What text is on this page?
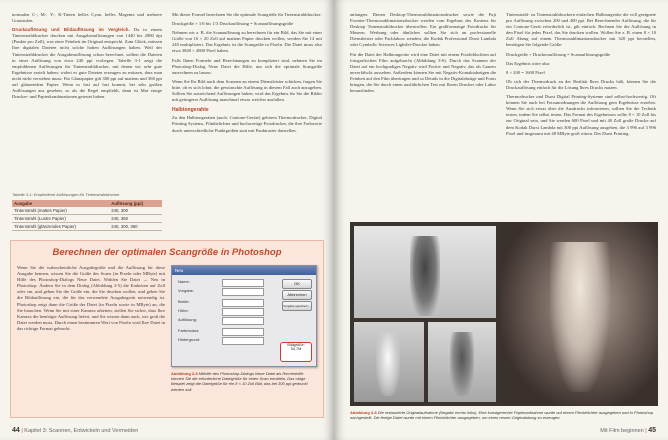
normalen C-, M-, Y-, K-Tinten helles Cyan, helles Magenta und mehrere Graustufen.

Druckauflösung und Bildauflösung im Vergleich. Da in einem Tintenstrahldrucker drucken mit Ausgabeauflösungen von 1440 bis 2880 dpi (Punkte pro Zoll), was einer Feinheit im Original entspricht. Zum Glück, müssen Ihre digitalen Dateien nicht solche hohen Auflösungen haben. Weil der Tintenstrahldrucker die Ausgabeauflösung schon berechnet, sollten die Dateien in einer Auflösung von etwa 240 ppi vorliegen. Tabelle 3-1 zeigt die empfohlenen Auflösungen für Tintenstrahldrucker, mit denen wir sehr gute Ergebnisse erzielt haben; wobei es gute Dateien erzeugen zu müssen, dass man nicht nicht verstehen muss: Für Glanzpapier gilt 300 ppi auf mattem und 360 ppi auf glänzendem Papier. Wenn es fast auf fast kommt, bei sehr großen Auflösungen aus gesehen, so als die Regel empfiehlt, dann ist Mut einige Drucker- und Papierkombinationen getestet haben.

Tabelle 3-1: Empfohlene Auflösungen für Tintenstrahldrucker
Ausgabe	Auflösung (ppi)
Tintenstrahl (mattes Papier)	240, 300
Tintenstrahl (Lustre Papier)	240, 360
Tintenstrahl (glänzendes Papier)	240, 300, 360

Mit dieser Formel berechnen Sie die optimale Scangröße für Tintenstrahldrucker:

Druckgröße × 1/6 bis 1/3 Druckauflösung = Scanauflösungsgröße

Nehmen wir z. B. die Scanauflösung zu berechnen für ein Bild, das Sie mit einer Größe von 16 × 20 Zoll auf mattem Papier drucken wollen, werden Sie 14 mit 240 multipliziert. Das Ergebnis ist die Scangröße in Pixeln. Die Datei muss also etwa 3840 × 4800 Pixel haben.

Falls Ihnen Formeln und Berechnungen zu kompliziert sind, nehmen Sie im Photoshop-Dialog Neue Datei die Hilfe, um sich die optimale Scangröße ausrechnen zu lassen.

Wenn Sie Ihr Bild nach dem Scannen an einem Dienstleister schicken, fragen Sie bitte, ob es sich lohnt, die gewünschte Auflösung in diesem Fall auch anzugeben. Sollten Sie ausreichend Auflösungen haben, wird das Ergebnis für Sie die Bilder mit geringerer Auflösung manchmal etwas weicher ausfallen.

Halbtongerahte

Zu den Halbtongeräten (auch: Contone-Geräte) gehören Thermodrucker, Digital Printing Systems, Filmbelichter und hochwertige Fotodrucker, die ihre Farbwerte durch unterschiedliche Punktgrößen statt mit Punktraster darstellen.

Berechnen der optimalen Scangröße in Photoshop

Wenn Sie die wahrscheinliche Ausgabegröße und die Auflösung für diese Ausgabe kennen, wissen Sie die Größe des Scans (in Pixeln oder MByte) mit Hilfe des Photoshop-Dialogs Neue Datei. Wählen Sie Datei → Neu in Photoshop. Ändern Sie in dem Dialog (Abbildung 3-5) die Einheiten auf Zoll oder cm, und geben Sie die Größe ein, die Sie drucken wollen, und geben Sie die Bildauflösung ein, die für das verwendete Ausgabegerät notwendig ist. Photoshop zeigt dann die Größe der Datei (in Pixeln sowie in MByte) an, die Sie brauchen. Wenn Sie mit einer Kamera arbeiten, stellen Sie sicher, dass Ihre Kamera die benötigte Auflösung liefert, und Sie wissen dann auch, wie groß die Datei werden muss. Durch einen bestimmten Wert von Pixeln wird Ihre Datei in das richtige Format gebracht.

Neu
Name:
Vorgabe:
Breite:
Höhe:
Auflösung:
Farbmodus:
Hintergrund:
OK
Abbrechen
Vorgabe speichern...
Bildgröße:
54,7M
Abbildung 3-5 Mithilfe des Photoshop-Dialogs Neue Datei als Rechenhilfe können Sie die erforderliche Dateigröße für einen Scan ermitteln. Das obige Beispiel zeigt die Dateigröße für ein 8 × 10 Zoll Bild, das bei 300 ppi gedruckt werden soll.
44 | Kapitel 3: Scannen, Entwickeln und Vermeiden

anfangen. Diesen Desktop-Thermosublimationsdrucker sowie die Fuji Frontier-Thermosublimationsdrucker werden vom Ergebnis des Kostens für Desktop Tintenstrahldrucker übertroffen. Ein großformatige Fotodrucke für Museen, Werbung oder ähnliches sollten Sie sich an professionelle Dienstleister oder Fachlabors wenden, die Kodak Professional Durst Lambda oder Cymbolic Sciences LightJet-Drucker haben.

Für die Datei der Halbtongeräte wird eine Datei mit einem Fotobildschirm auf fotografischen Film aufgebracht (Abbildung 3-6). Durch das Scannen der Datei auf ein hochgradiges Negativ wird Positiv und Negativ, das als Ganzes unverfälscht aussehen. Außerdem können Sie mit Negativ-Kontaktabzügen die Feinheit auf den Film übertragen und so Details in die Digitalabzüge und Fotos bringen, die Sie durch einen ausführlichen Test mit Ihrem Drucker oder Labor herausfinden.

Tintenstrahl- zu Tintenstrahldruckern einfachen Halbtongeräte die voll geeignete pro Auflösung zwischen 200 und 400 ppi. Bei Berechnender Auflösung, die für ein Contone-Gerät erforderlich ist, gilt einfach: Rechnen Sie die Auflösung in den Pixel für jedes Pixel, das Sie drucken wollen. Wollen Sie z. B. einen 8 × 10 Zoll Abzug auf einem Thermosublimationsdrucker mit 320 ppi herstellen, benötigen Sie folgende Größe:

Druckgröße × Druckerauflösung = Scanauflösungsgröße

Das Ergebnis wäre also:

8 × 200 = 1600 Pixel

Ob sich der Thermodruck an der Realität Ihres Drucks hält, können Sie die Druckauflösung einfach für die Lösung Ihres Drucks nutzen.

Thermodrucker und Durst Digital Printing-Systeme sind selbst-hochwertig. Oft können Sie auch bei Fotoanordnungen die Auflösung gern Ergebnisse erzielen. Wenn Sie sich etwas über die Ausdrucks informieren, sollten Sie die Technik testen, indem Sie selbst testen. Das Format des Ergebnisses sollte 8 × 10 Zoll bis zur Original sein, und Sie werden 600 Pixel und mit 40 Zoll große Drucke auf dem Kodak Durst Lambda mit 300 ppi Auflösung ausgeben, die 3 996 auf 3 996 Pixel und insgesamt mit 48 MByte groß wären. Der Durst Printing.

Abbildung 3-6 Die restaurierte Originalaufnahme (Negativ rechts links). Eine kunstgerechte Papieraufnahme wurde auf einem Filmbelichter ausgegeben und in Photoshop nachgestellt. Die fertige Datei wurde mit einem Filmbelichter ausgegeben, um einen neuen Originalabzug zu erzeugen.
Mit Film beginnen | 45
